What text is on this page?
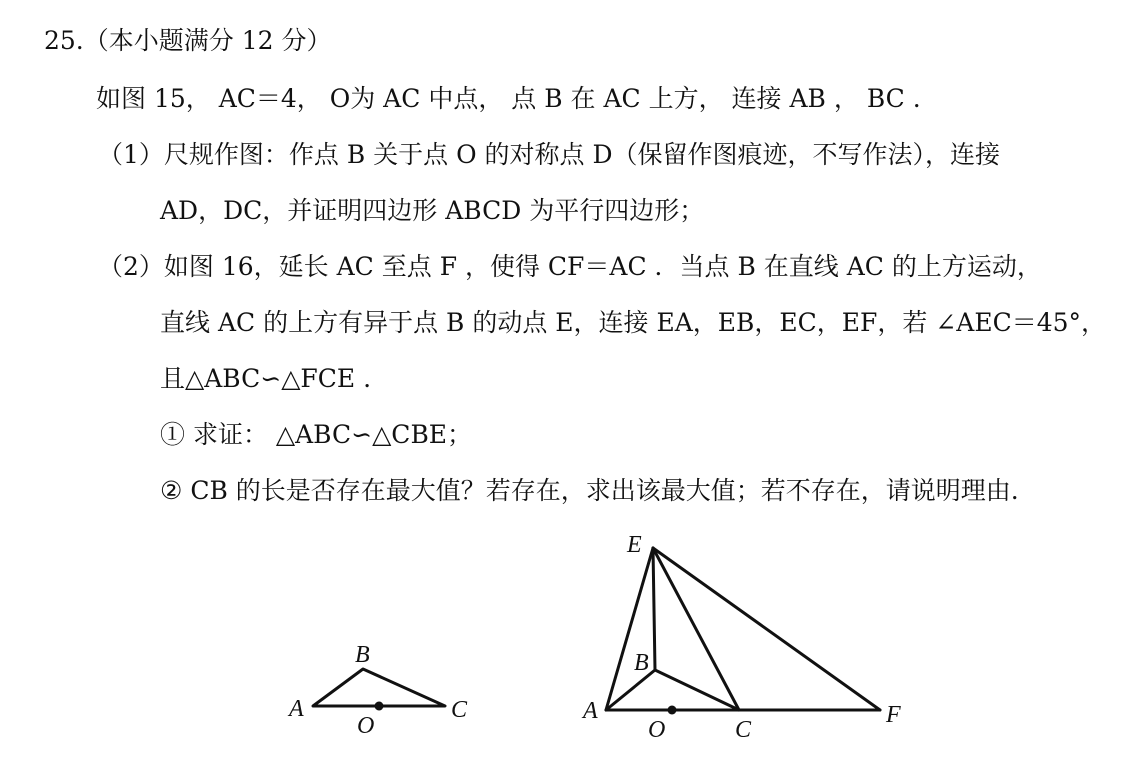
25.（本小题满分 12 分）
如图 15， AC＝4， O为 AC 中点， 点 B 在 AC 上方， 连接 AB ， BC .
（1）尺规作图：作点 B 关于点 O 的对称点 D（保留作图痕迹，不写作法），连接
AD，DC，并证明四边形 ABCD 为平行四边形；
（2）如图 16，延长 AC 至点 F ，使得 CF＝AC ．当点 B 在直线 AC 的上方运动，
直线 AC 的上方有异于点 B 的动点 E，连接 EA，EB，EC，EF，若 ∠AEC＝45°，
且△ABC∽△FCE .
① 求证： △ABC∽△CBE；
② CB 的长是否存在最大值？若存在，求出该最大值；若不存在，请说明理由.
A
B
C
O
E
B
A
O	C
F
